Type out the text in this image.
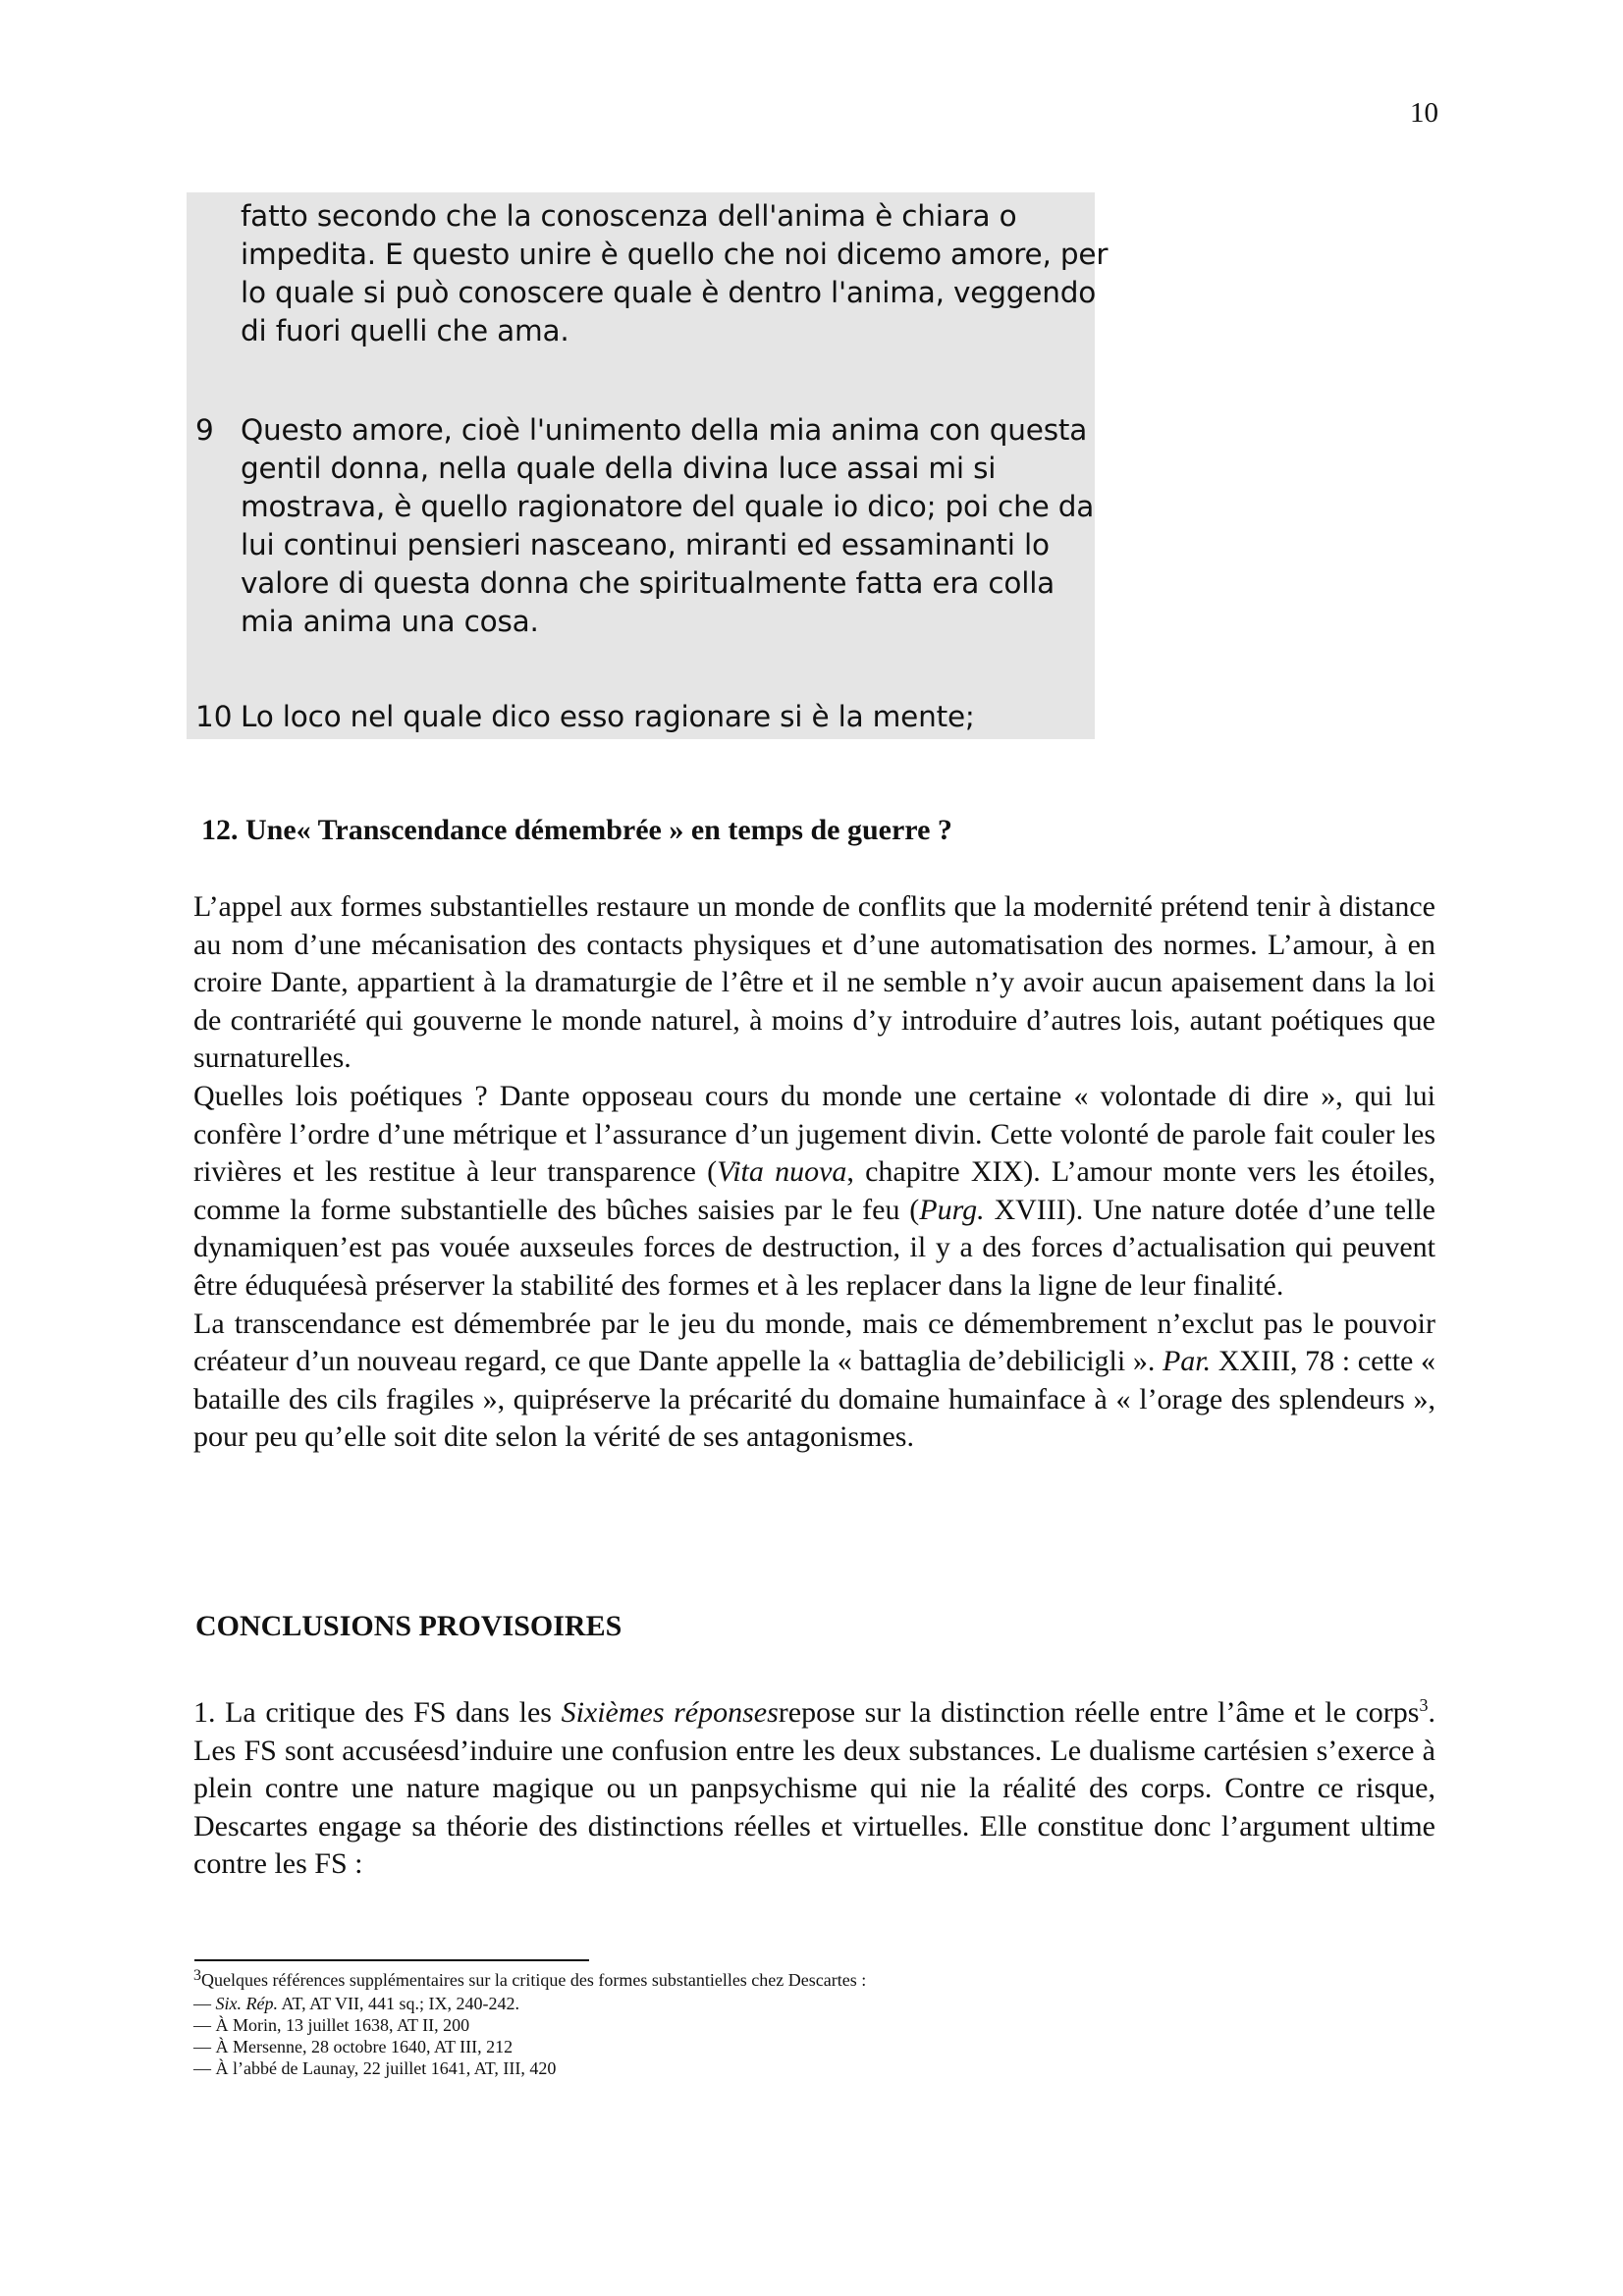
10
fatto secondo che la conoscenza dell'anima è chiara o
impedita. E questo unire è quello che noi dicemo amore, per
lo quale si può conoscere quale è dentro l'anima, veggendo
di fuori quelli che ama.
9 Questo amore, cioè l'unimento della mia anima con questa
gentil donna, nella quale della divina luce assai mi si
mostrava, è quello ragionatore del quale io dico; poi che da
lui continui pensieri nasceano, miranti ed essaminanti lo
valore di questa donna che spiritualmente fatta era colla
mia anima una cosa.
10 Lo loco nel quale dico esso ragionare si è la mente;
12. Une« Transcendance démembrée » en temps de guerre ?

L’appel aux formes substantielles restaure un monde de conflits que la modernité prétend tenir à distance au nom d’une mécanisation des contacts physiques et d’une automatisation des normes. L’amour, à en croire Dante, appartient à la dramaturgie de l’être et il ne semble n’y avoir aucun apaisement dans la loi de contrariété qui gouverne le monde naturel, à moins d’y introduire d’autres lois, autant poétiques que surnaturelles.

Quelles lois poétiques ? Dante opposeau cours du monde une certaine « volontade di dire », qui lui confère l’ordre d’une métrique et l’assurance d’un jugement divin. Cette volonté de parole fait couler les rivières et les restitue à leur transparence (Vita nuova, chapitre XIX). L’amour monte vers les étoiles, comme la forme substantielle des bûches saisies par le feu (Purg. XVIII). Une nature dotée d’une telle dynamiquen’est pas vouée auxseules forces de destruction, il y a des forces d’actualisation qui peuvent être éduquéesà préserver la stabilité des formes et à les replacer dans la ligne de leur finalité.

La transcendance est démembrée par le jeu du monde, mais ce démembrement n’exclut pas le pouvoir créateur d’un nouveau regard, ce que Dante appelle la « battaglia de’debilicigli ». Par. XXIII, 78 : cette « bataille des cils fragiles », quipréserve la précarité du domaine humainface à « l’orage des splendeurs », pour peu qu’elle soit dite selon la vérité de ses antagonismes.

CONCLUSIONS PROVISOIRES

1. La critique des FS dans les Sixièmes réponsesrepose sur la distinction réelle entre l’âme et le corps$^3$. Les FS sont accuséesd’induire une confusion entre les deux substances. Le dualisme cartésien s’exerce à plein contre une nature magique ou un panpsychisme qui nie la réalité des corps. Contre ce risque, Descartes engage sa théorie des distinctions réelles et virtuelles. Elle constitue donc l’argument ultime contre les FS :

3Quelques références supplémentaires sur la critique des formes substantielles chez Descartes :
— Six. Rép. AT, AT VII, 441 sq.; IX, 240-242.
— À Morin, 13 juillet 1638, AT II, 200
— À Mersenne, 28 octobre 1640, AT III, 212
— À l’abbé de Launay, 22 juillet 1641, AT, III, 420
